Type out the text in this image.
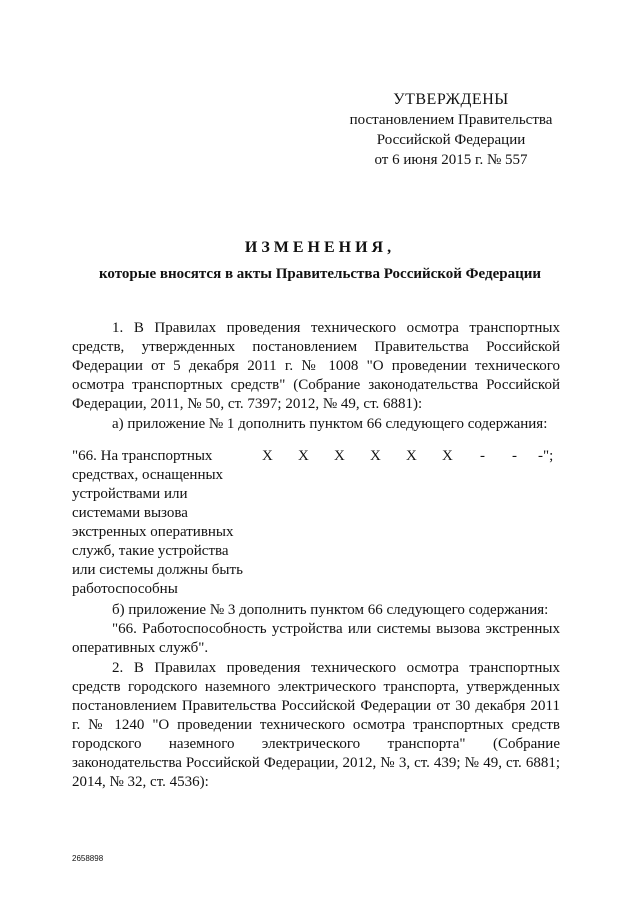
УТВЕРЖДЕНЫ
постановлением Правительства
Российской Федерации
от 6 июня 2015 г. № 557
ИЗМЕНЕНИЯ,
которые вносятся в акты Правительства Российской Федерации

1. В Правилах проведения технического осмотра транспортных средств, утвержденных постановлением Правительства Российской Федерации от 5 декабря 2011 г. № 1008 "О проведении технического осмотра транспортных средств" (Собрание законодательства Российской Федерации, 2011, № 50, ст. 7397; 2012, № 49, ст. 6881):

а) приложение № 1 дополнить пунктом 66 следующего содержания:
"66. На транспортных средствах, оснащенных устройствами или системами вызова экстренных оперативных служб, такие устройства или системы должны быть работоспособны
Х Х Х Х Х Х - - -";
б) приложение № 3 дополнить пунктом 66 следующего содержания:

"66. Работоспособность устройства или системы вызова экстренных оперативных служб".

2. В Правилах проведения технического осмотра транспортных средств городского наземного электрического транспорта, утвержденных постановлением Правительства Российской Федерации от 30 декабря 2011 г. № 1240 "О проведении технического осмотра транспортных средств городского наземного электрического транспорта" (Собрание законодательства Российской Федерации, 2012, № 3, ст. 439; № 49, ст. 6881; 2014, № 32, ст. 4536):

2658898
